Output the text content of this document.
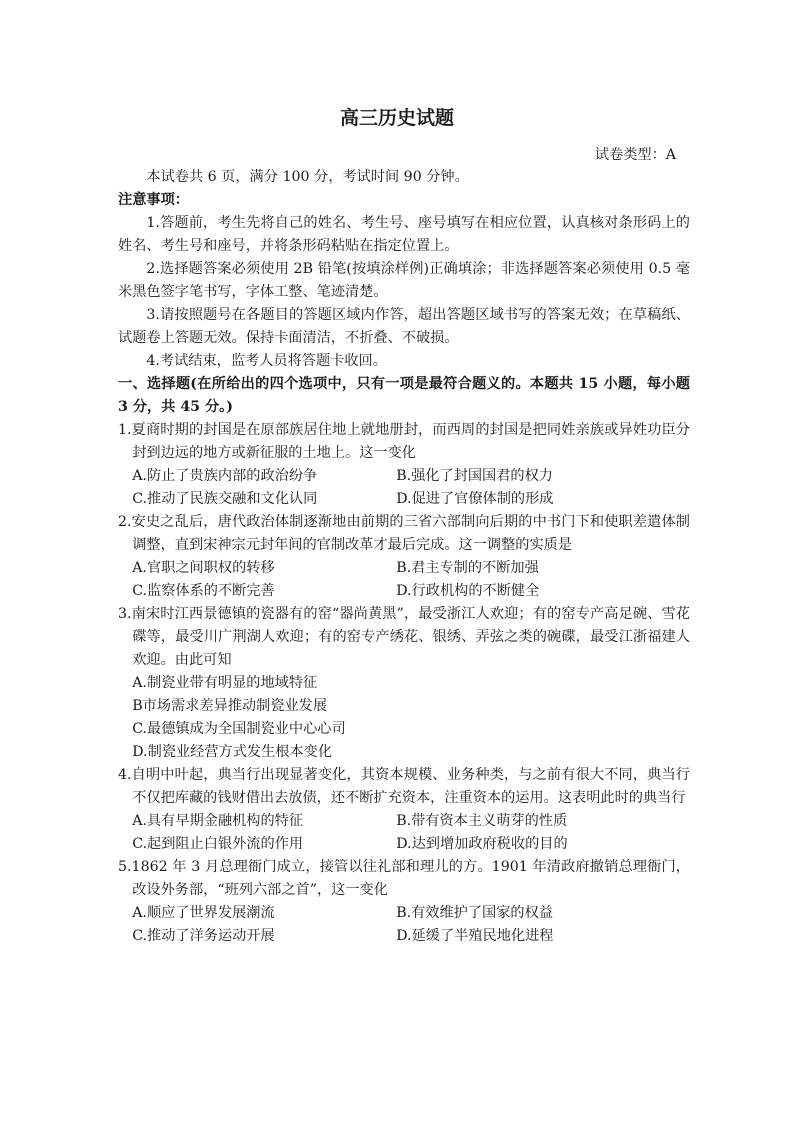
高三历史试题
试卷类型：A

本试卷共 6 页，满分 100 分，考试时间 90 分钟。

注意事项：

1.答题前，考生先将自己的姓名、考生号、座号填写在相应位置，认真核对条形码上的姓名、考生号和座号，并将条形码粘贴在指定位置上。

2.选择题答案必须使用 2B 铅笔(按填涂样例)正确填涂；非选择题答案必须使用 0.5 毫米黑色签字笔书写，字体工整、笔迹清楚。

3.请按照题号在各题目的答题区域内作答，超出答题区域书写的答案无效；在草稿纸、试题卷上答题无效。保持卡面清洁，不折叠、不破损。

4.考试结束，监考人员将答题卡收回。

一、选择题(在所给出的四个选项中，只有一项是最符合题义的。本题共 15 小题，每小题 3 分，共 45 分。)

1.夏商时期的封国是在原部族居住地上就地册封，而西周的封国是把同姓亲族或异姓功臣分封到边远的地方或新征服的土地上。这一变化

A.防止了贵族内部的政治纷争	B.强化了封国国君的权力
C.推动了民族交融和文化认同	D.促进了官僚体制的形成

2.安史之乱后，唐代政治体制逐渐地由前期的三省六部制向后期的中书门下和使职差遣体制调整，直到宋神宗元封年间的官制改革才最后完成。这一调整的实质是

A.官职之间职权的转移	B.君主专制的不断加强
C.监察体系的不断完善	D.行政机构的不断健全

3.南宋时江西景德镇的瓷器有的窑“器尚黄黑”，最受浙江人欢迎；有的窑专产高足碗、雪花碟等，最受川广荆湖人欢迎；有的窑专产绣花、银绣、弄弦之类的碗碟，最受江浙福建人欢迎。由此可知

A.制瓷业带有明显的地域特征
B市场需求差异推动制瓷业发展
C.最德镇成为全国制瓷业中心心司
D.制瓷业经营方式发生根本变化

4.自明中叶起，典当行出现显著变化，其资本规模、业务种类，与之前有很大不同，典当行不仅把库藏的钱财借出去放债，还不断扩充资本，注重资本的运用。这表明此时的典当行

A.具有早期金融机构的特征	B.带有资本主义萌芽的性质
C.起到阻止白银外流的作用	D.达到增加政府税收的目的

5.1862 年 3 月总理衙门成立，接管以往礼部和理儿的方。1901 年清政府撤销总理衙门，改设外务部，“班列六部之首”，这一变化

A.顺应了世界发展潮流	B.有效维护了国家的权益
C.推动了洋务运动开展	D.延缓了半殖民地化进程
